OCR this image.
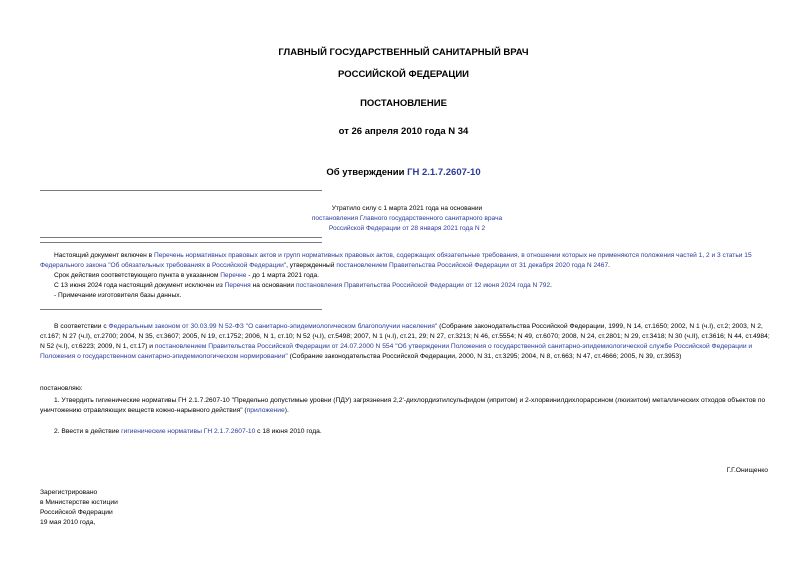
ГЛАВНЫЙ ГОСУДАРСТВЕННЫЙ САНИТАРНЫЙ ВРАЧ
РОССИЙСКОЙ ФЕДЕРАЦИИ
ПОСТАНОВЛЕНИЕ
от 26 апреля 2010 года N 34
Об утверждении ГН 2.1.7.2607-10
Утратило силу с 1 марта 2021 года на основании
постановления Главного государственного санитарного врача
Российской Федерации от 28 января 2021 года N 2
Настоящий документ включен в Перечень нормативных правовых актов и групп нормативных правовых актов, содержащих обязательные требования, в отношении которых не применяются положения частей 1, 2 и 3 статьи 15 Федерального закона "Об обязательных требованиях в Российской Федерации", утвержденный постановлением Правительства Российской Федерации от 31 декабря 2020 года N 2467.
Срок действия соответствующего пункта в указанном Перечне - до 1 марта 2021 года.
С 13 июня 2024 года настоящий документ исключен из Перечня на основании постановления Правительства Российской Федерации от 12 июня 2024 года N 792.
- Примечание изготовителя базы данных.
В соответствии с Федеральным законом от 30.03.99 N 52-ФЗ "О санитарно-эпидемиологическом благополучии населения" (Собрание законодательства Российской Федерации, 1999, N 14, ст.1650; 2002, N 1 (ч.I), ст.2; 2003, N 2, ст.167; N 27 (ч.I), ст.2700; 2004, N 35, ст.3607; 2005, N 19, ст.1752; 2006, N 1, ст.10; N 52 (ч.I), ст.5498; 2007, N 1 (ч.I), ст.21, 29; N 27, ст.3213; N 46, ст.5554; N 49, ст.6070; 2008, N 24, ст.2801; N 29, ст.3418; N 30 (ч.II), ст.3616; N 44, ст.4984; N 52 (ч.I), ст.6223; 2009, N 1, ст.17) и постановлением Правительства Российской Федерации от 24.07.2000 N 554 "Об утверждении Положения о государственной санитарно-эпидемиологической службе Российской Федерации и Положения о государственном санитарно-эпидемиологическом нормировании" (Собрание законодательства Российской Федерации, 2000, N 31, ст.3295; 2004, N 8, ст.663; N 47, ст.4666; 2005, N 39, ст.3953)
постановляю:
1. Утвердить гигиенические нормативы ГН 2.1.7.2607-10 "Предельно допустимые уровни (ПДУ) загрязнения 2,2'-дихлордиэтилсульфидом (ипритом) и 2-хлорвинилдихлорарсином (люизитом) металлических отходов объектов по уничтожению отравляющих веществ кожно-нарывного действия" (приложение).
2. Ввести в действие гигиенические нормативы ГН 2.1.7.2607-10 с 18 июня 2010 года.
Г.Г.Онищенко
Зарегистрировано
в Министерстве юстиции
Российской Федерации
19 мая 2010 года,
